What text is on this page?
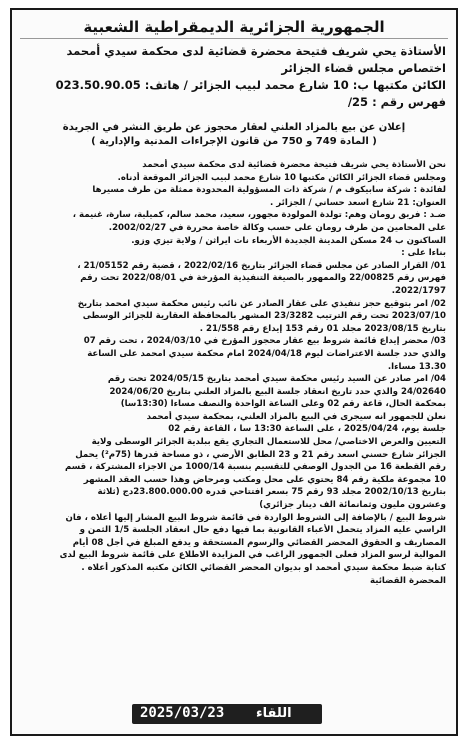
الجمهورية الجزائرية الديمقراطية الشعبية
الأستاذة يحي شريف فتيحة محضرة قضائية لدى محكمة سيدي أمحمد
اختصاص مجلس قضاء الجزائر
الكائن مكتبها ب: 10 شارع محمد لبيب الجزائر / هاتف: 023.50.90.05
فهرس رقم : 25/
إعلان عن بيع بالمزاد العلني لعقار محجوز عن طريق النشر في الجريدة
( المادة 749 و 750 من قانون الإجراءات المدنية والإدارية )

نحن الأستاذة يحي شريف فتيحة محضرة قضائية لدى محكمة سيدي أمحمد

ومجلس قضاء الجزائر الكائن مكتبها 10 شارع محمد لبيب الجزائر الموقعة أدناه.

لفائدة : شركة سابيكوف م / شركة ذات المسؤولية المحدودة ممثلة من طرف مسيرها

العنوان: 21 شارع اسعد حساني / الجزائر .

ضـد : فريق رومان وهم: تولدة المولودة مجهور، سعيد، محمد سالم، كميلية، سارة، غنيمة ،

على المحامين من طرف رومان على حسب وكالة خاصة محررة في 2002/02/27.

الساكنون ب 24 مسكن المدينة الجديدة الأربعاء نات ايراثن / ولاية تيزي وزو.

بناءا على :

01/ القرار الصادر عن مجلس قضاء الجزائر بتاريخ 2022/02/16 ، قضية رقم 21/05152 ،

فهرس رقم 22/00825 والممهور بالصيغة التنفيذية المؤرخة في 2022/08/01 تحت رقم

2022/1797.

02/ امر بتوقيع حجز تنفيذي على عقار الصادر عن نائب رئيس محكمة سيدي امحمد بتاريخ

2023/07/10 تحت رقم الترتيب 23/3282 المشهر بالمحافظة العقارية للجزائر الوسطى

بتاريخ 2023/08/15 مجلد 01 رقم 153 إيداع رقم 21/558 .

03/ محضر إيداع قائمة شروط بيع عقار محجوز المؤرخ في 2024/03/10 ، تحت رقم 07

والذي حدد جلسة الاعتراضات ليوم 2024/04/18 امام محكمة سيدي امحمد على الساعة

13.30 مساءا.

04/ امر صادر عن السيد رئيس محكمة سيدي أمحمد بتاريخ 2024/05/15 تحت رقم

24/02640 والذي حدد تاريخ انعقاد جلسة البيع بالمزاد العلني بتاريخ 2024/06/20

بمحكمة الحال، قاعة رقم 02 وعلى الساعة الواحدة والنصف مساءا (13:30سا)

نعلن للجمهور انه سيجرى في البيع بالمزاد العلني، بمحكمة سيدي أمحمد

جلسة يوم، 2025/04/24 ، على الساعة 13:30 سا ، القاعة رقم 02

التعيين والعرض الاختاصي/ محل للاستعمال التجاري يقع ببلدية الجزائر الوسطى ولاية

الجزائر شارع حسني اسعد رقم 21 و 23 الطابق الأرضي ، ذو مساحة قدرها (75م²) يحمل

رقم القطعة 16 من الجدول الوصفي للتقسيم بنسبة 1000/14 من الاجزاء المشتركة ، قسم

10 مجموعة ملكية رقم 84 يحتوي على محل ومكتب ومرحاض وهذا حسب العقد المشهر

بتاريخ 2002/10/13 مجلد 93 رقم 75 بسعر افتتاحي قدره 23.800.000.00دج (ثلاثة

وعشرون مليون وثمانمائة الف دينار جزائري)

شروط البيع / بالإضافة إلى الشروط الواردة في قائمة شروط البيع المشار إليها أعلاه ، فان

الراسي عليه المزاد يتحمل الأعباء القانونية بما فيها دفع حال انعقاد الجلسة 1/5 الثمن و

المصاريف و الحقوق المحضر القضائي والرسوم المستحقة و يدفع المبلغ في أجل 08 أيام

الموالية لرسو المزاد فعلى الجمهور الراغب في المزايدة الاطلاع على قائمة شروط البيع لدى

كتابة ضبط محكمة سيدي أمحمد او بديوان المحضر القضائي الكائن مكتبه المذكور أعلاه .

المحضرة القضائية

2025/03/23 اللقاء
